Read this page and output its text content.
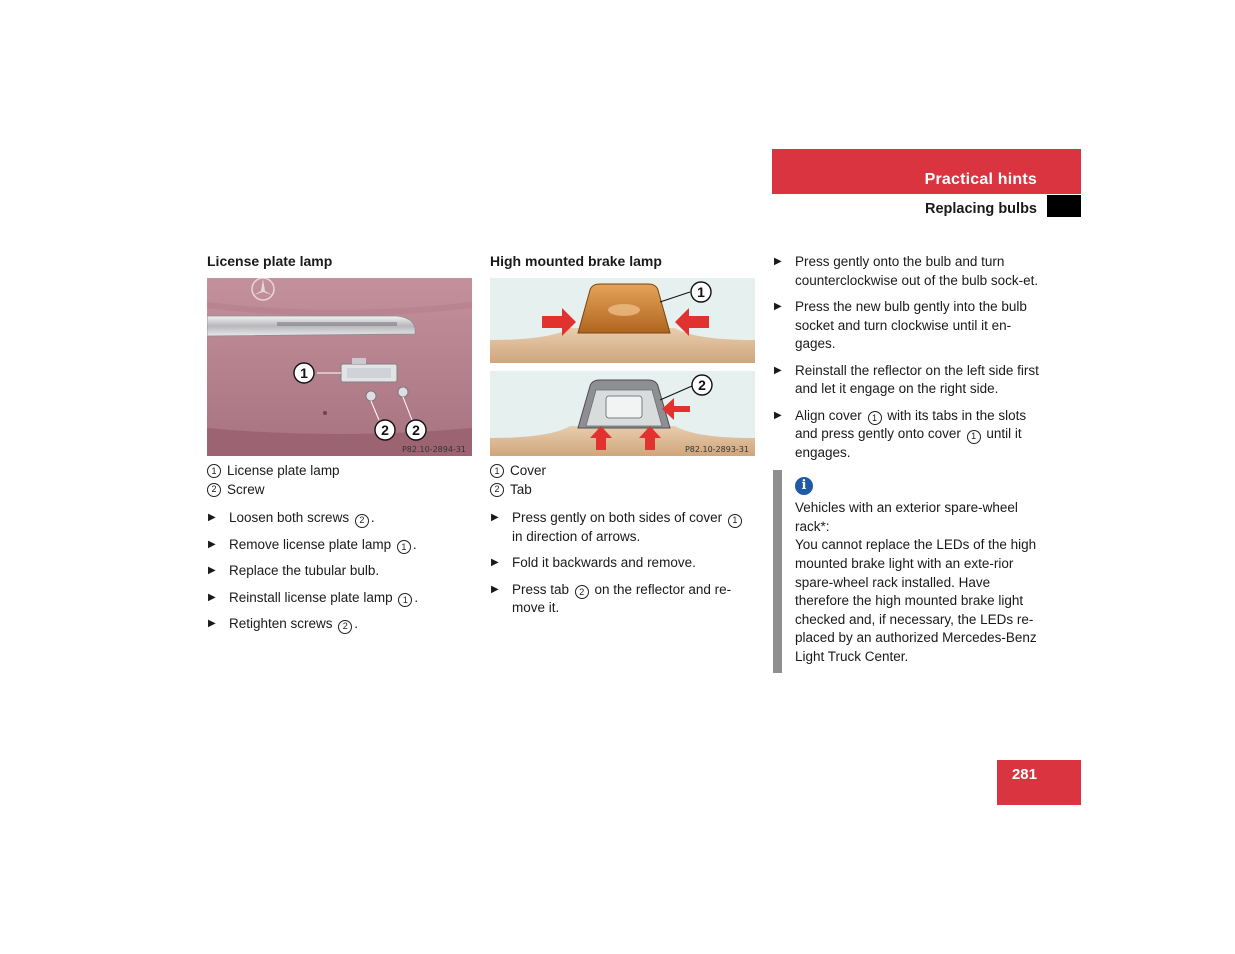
Practical hints
Replacing bulbs
License plate lamp
1
2 2
P82.10-2894-31
1 License plate lamp
2 Screw
▶ Loosen both screws 2 .
▶ Remove license plate lamp 1 .
▶ Replace the tubular bulb.
▶ Reinstall license plate lamp 1 .
▶ Retighten screws 2 .
High mounted brake lamp
1
2
P82.10-2893-31
1 Cover
2 Tab
▶ Press gently on both sides of cover 1 in direction of arrows.
▶ Fold it backwards and remove.
▶ Press tab 2 on the reflector and re-move it.
▶ Press gently onto the bulb and turn counterclockwise out of the bulb sock-et.
▶ Press the new bulb gently into the bulb socket and turn clockwise until it en-gages.
▶ Reinstall the reflector on the left side first and let it engage on the right side.
▶ Align cover 1 with its tabs in the slots and press gently onto cover 1 until it engages.
i
Vehicles with an exterior spare-wheel rack*:
You cannot replace the LEDs of the high mounted brake light with an exte-rior spare-wheel rack installed. Have therefore the high mounted brake light checked and, if necessary, the LEDs re-placed by an authorized Mercedes-Benz Light Truck Center.
281
